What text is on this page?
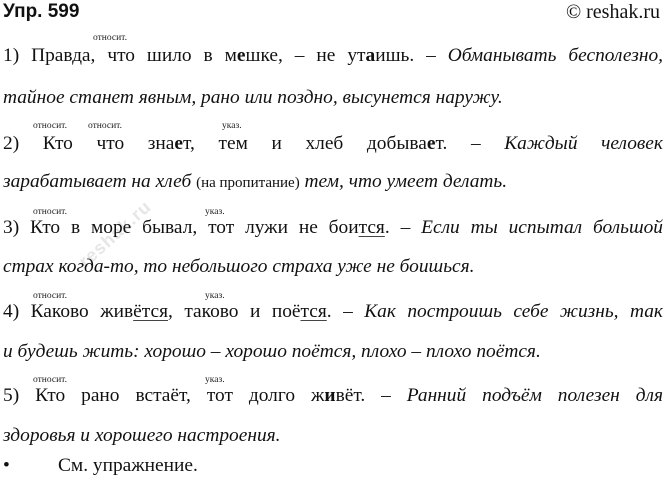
Упр. 599	© reshak.ru
reshak.ru
относит.
1) Правда, что шило в мешке, – не утаишь. – Обманывать бесполезно,
тайное станет явным, рано или поздно, высунется наружу.
относит. относит.	указ.
2) Кто что знает, тем и хлеб добывает. – Каждый человек
зарабатывает на хлеб (на пропитание) тем, что умеет делать.
относит.	указ.
3) Кто в море бывал, тот лужи не боится. – Если ты испытал большой
страх когда-то, то небольшого страха уже не боишься.
относит.	указ.
4) Каково живётся, таково и поётся. – Как построишь себе жизнь, так
и будешь жить: хорошо – хорошо поётся, плохо – плохо поётся.
относит.	указ.
5) Кто рано встаёт, тот долго живёт. – Ранний подъём полезен для
здоровья и хорошего настроения.
• См. упражнение.
